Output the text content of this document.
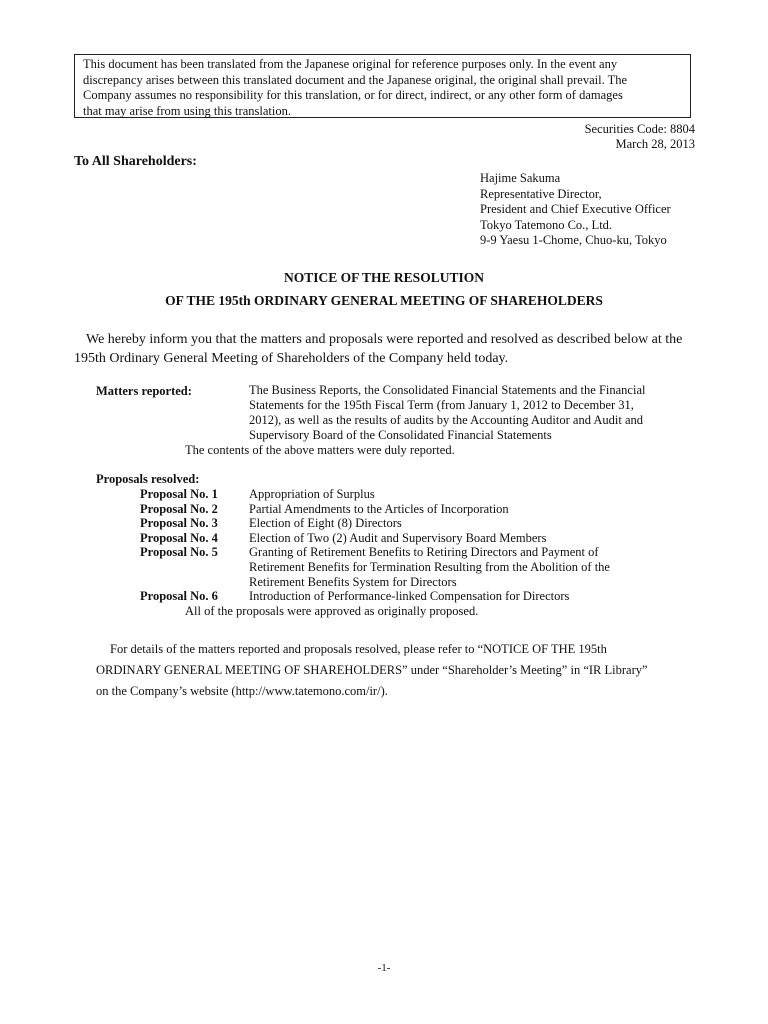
This document has been translated from the Japanese original for reference purposes only. In the event any
discrepancy arises between this translated document and the Japanese original, the original shall prevail. The
Company assumes no responsibility for this translation, or for direct, indirect, or any other form of damages
that may arise from using this translation.
Securities Code: 8804
March 28, 2013
To All Shareholders:
Hajime Sakuma
Representative Director,
President and Chief Executive Officer
Tokyo Tatemono Co., Ltd.
9-9 Yaesu 1-Chome, Chuo-ku, Tokyo
NOTICE OF THE RESOLUTION
OF THE 195th ORDINARY GENERAL MEETING OF SHAREHOLDERS
We hereby inform you that the matters and proposals were reported and resolved as described below at the
195th Ordinary General Meeting of Shareholders of the Company held today.
Matters reported:	The Business Reports, the Consolidated Financial Statements and the Financial
Statements for the 195th Fiscal Term (from January 1, 2012 to December 31,
2012), as well as the results of audits by the Accounting Auditor and Audit and
Supervisory Board of the Consolidated Financial Statements
The contents of the above matters were duly reported.
Proposals resolved:
Proposal No. 1 Appropriation of Surplus
Proposal No. 2 Partial Amendments to the Articles of Incorporation
Proposal No. 3 Election of Eight (8) Directors
Proposal No. 4 Election of Two (2) Audit and Supervisory Board Members
Proposal No. 5 Granting of Retirement Benefits to Retiring Directors and Payment of
Retirement Benefits for Termination Resulting from the Abolition of the
Retirement Benefits System for Directors
Proposal No. 6 Introduction of Performance-linked Compensation for Directors
All of the proposals were approved as originally proposed.
For details of the matters reported and proposals resolved, please refer to “NOTICE OF THE 195th
ORDINARY GENERAL MEETING OF SHAREHOLDERS” under “Shareholder’s Meeting” in “IR Library”
on the Company’s website (http://www.tatemono.com/ir/).
-1-
